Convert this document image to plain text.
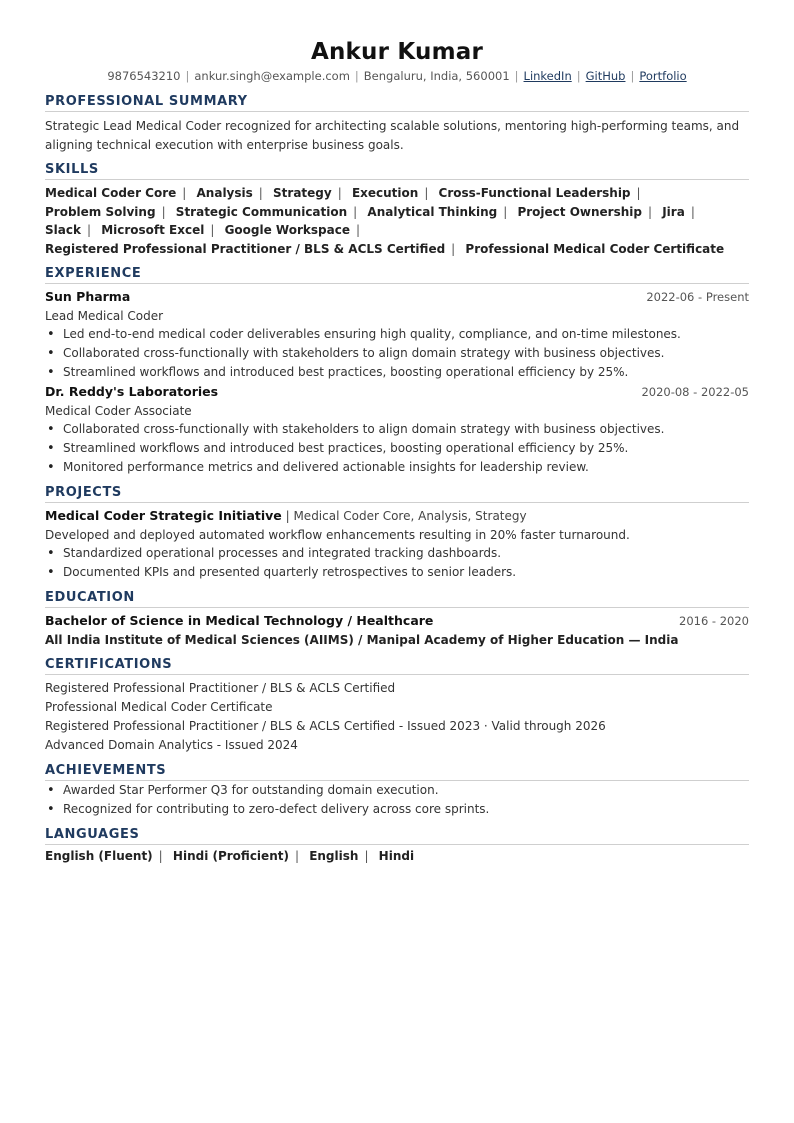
Ankur Kumar
9876543210 | ankur.singh@example.com | Bengaluru, India, 560001 | LinkedIn | GitHub | Portfolio
PROFESSIONAL SUMMARY
Strategic Lead Medical Coder recognized for architecting scalable solutions, mentoring high-performing teams, and aligning technical execution with enterprise business goals.
SKILLS
Medical Coder Core | Analysis | Strategy | Execution | Cross-Functional Leadership | Problem Solving | Strategic Communication | Analytical Thinking | Project Ownership | Jira | Slack | Microsoft Excel | Google Workspace | Registered Professional Practitioner / BLS & ACLS Certified | Professional Medical Coder Certificate
EXPERIENCE
Sun Pharma	2022-06 - Present
Lead Medical Coder
• Led end-to-end medical coder deliverables ensuring high quality, compliance, and on-time milestones.
• Collaborated cross-functionally with stakeholders to align domain strategy with business objectives.
• Streamlined workflows and introduced best practices, boosting operational efficiency by 25%.
Dr. Reddy's Laboratories	2020-08 - 2022-05
Medical Coder Associate
• Collaborated cross-functionally with stakeholders to align domain strategy with business objectives.
• Streamlined workflows and introduced best practices, boosting operational efficiency by 25%.
• Monitored performance metrics and delivered actionable insights for leadership review.
PROJECTS
Medical Coder Strategic Initiative | Medical Coder Core, Analysis, Strategy
Developed and deployed automated workflow enhancements resulting in 20% faster turnaround.
• Standardized operational processes and integrated tracking dashboards.
• Documented KPIs and presented quarterly retrospectives to senior leaders.
EDUCATION
Bachelor of Science in Medical Technology / Healthcare	2016 - 2020
All India Institute of Medical Sciences (AIIMS) / Manipal Academy of Higher Education — India
CERTIFICATIONS
Registered Professional Practitioner / BLS & ACLS Certified
Professional Medical Coder Certificate
Registered Professional Practitioner / BLS & ACLS Certified - Issued 2023 · Valid through 2026
Advanced Domain Analytics - Issued 2024
ACHIEVEMENTS
• Awarded Star Performer Q3 for outstanding domain execution.
• Recognized for contributing to zero-defect delivery across core sprints.
LANGUAGES
English (Fluent) | Hindi (Proficient) | English | Hindi
